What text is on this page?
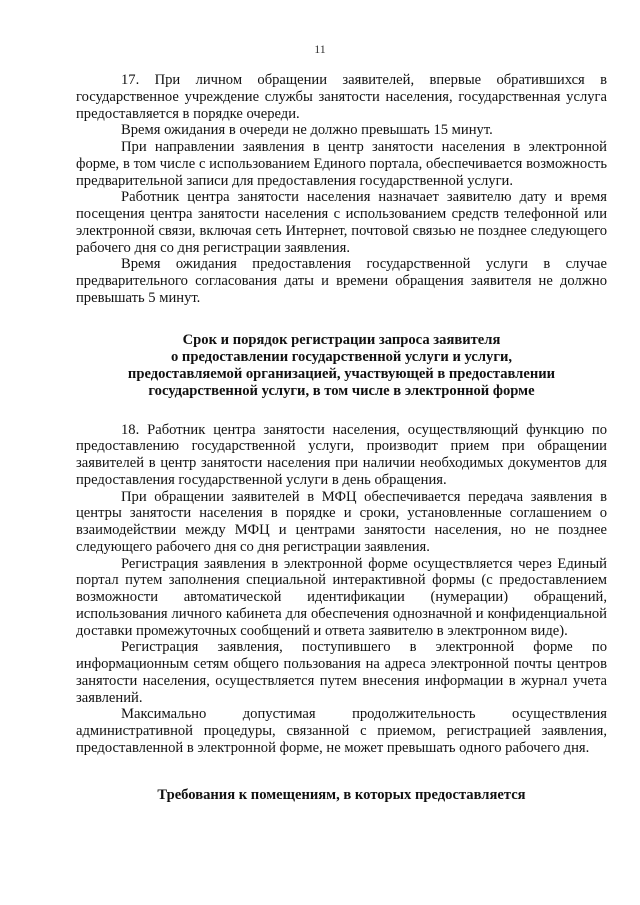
11

17. При личном обращении заявителей, впервые обратившихся в государственное учреждение службы занятости населения, государственная услуга предоставляется в порядке очереди.

Время ожидания в очереди не должно превышать 15 минут.

При направлении заявления в центр занятости населения в электронной форме, в том числе с использованием Единого портала, обеспечивается возможность предварительной записи для предоставления государственной услуги.

Работник центра занятости населения назначает заявителю дату и время посещения центра занятости населения с использованием средств телефонной или электронной связи, включая сеть Интернет, почтовой связью не позднее следующего рабочего дня со дня регистрации заявления.

Время ожидания предоставления государственной услуги в случае предварительного согласования даты и времени обращения заявителя не должно превышать 5 минут.

Срок и порядок регистрации запроса заявителя
о предоставлении государственной услуги и услуги,
предоставляемой организацией, участвующей в предоставлении
государственной услуги, в том числе в электронной форме

18. Работник центра занятости населения, осуществляющий функцию по предоставлению государственной услуги, производит прием при обращении заявителей в центр занятости населения при наличии необходимых документов для предоставления государственной услуги в день обращения.

При обращении заявителей в МФЦ обеспечивается передача заявления в центры занятости населения в порядке и сроки, установленные соглашением о взаимодействии между МФЦ и центрами занятости населения, но не позднее следующего рабочего дня со дня регистрации заявления.

Регистрация заявления в электронной форме осуществляется через Единый портал путем заполнения специальной интерактивной формы (с предоставлением возможности автоматической идентификации (нумерации) обращений, использования личного кабинета для обеспечения однозначной и конфиденциальной доставки промежуточных сообщений и ответа заявителю в электронном виде).

Регистрация заявления, поступившего в электронной форме по информационным сетям общего пользования на адреса электронной почты центров занятости населения, осуществляется путем внесения информации в журнал учета заявлений.

Максимально допустимая продолжительность осуществления административной процедуры, связанной с приемом, регистрацией заявления, предоставленной в электронной форме, не может превышать одного рабочего дня.

Требования к помещениям, в которых предоставляется
